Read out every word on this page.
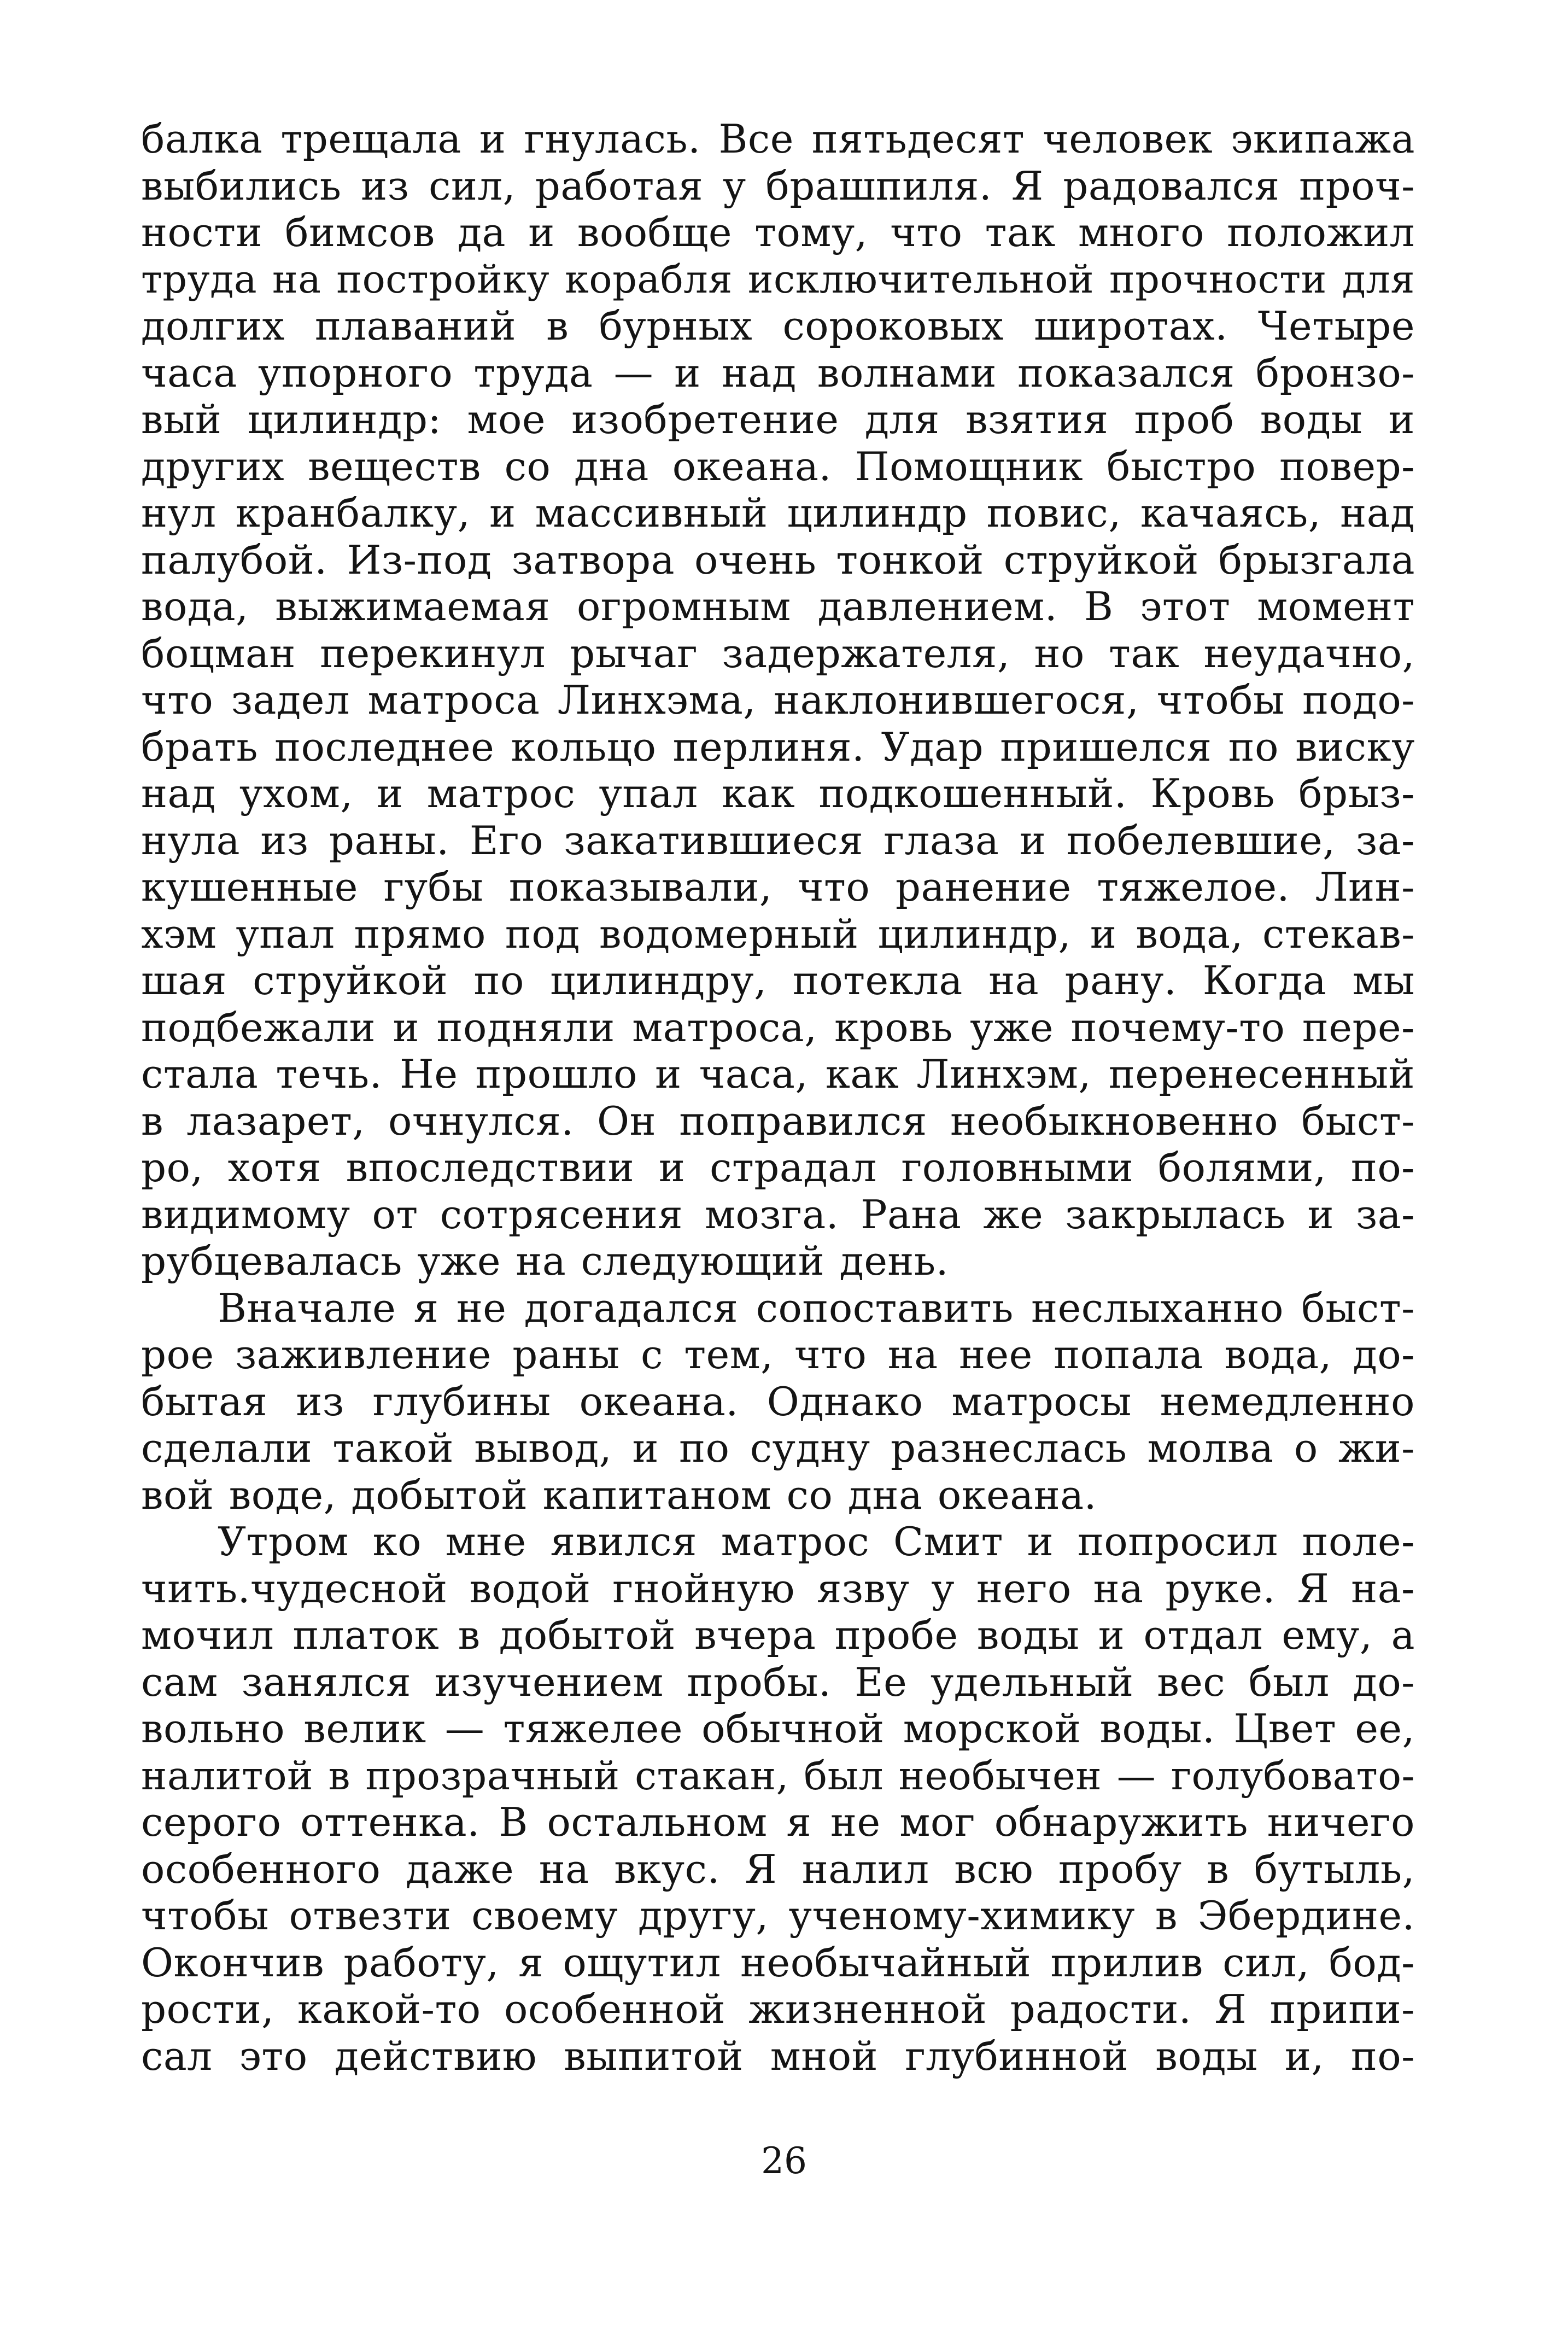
балка трещала и гнулась. Все пятьдесят человек экипажа
выбились из сил, работая у брашпиля. Я радовался проч-
ности бимсов да и вообще тому, что так много положил
труда на постройку корабля исключительной прочности для
долгих плаваний в бурных сороковых широтах. Четыре
часа упорного труда — и над волнами показался бронзо-
вый цилиндр: мое изобретение для взятия проб воды и
других веществ со дна океана. Помощник быстро повер-
нул кранбалку, и массивный цилиндр повис, качаясь, над
палубой. Из-под затвора очень тонкой струйкой брызгала
вода, выжимаемая огромным давлением. В этот момент
боцман перекинул рычаг задержателя, но так неудачно,
что задел матроса Линхэма, наклонившегося, чтобы подо-
брать последнее кольцо перлиня. Удар пришелся по виску
над ухом, и матрос упал как подкошенный. Кровь брыз-
нула из раны. Его закатившиеся глаза и побелевшие, за-
кушенные губы показывали, что ранение тяжелое. Лин-
хэм упал прямо под водомерный цилиндр, и вода, стекав-
шая струйкой по цилиндру, потекла на рану. Когда мы
подбежали и подняли матроса, кровь уже почему-то пере-
стала течь. Не прошло и часа, как Линхэм, перенесенный
в лазарет, очнулся. Он поправился необыкновенно быст-
ро, хотя впоследствии и страдал головными болями, по-
видимому от сотрясения мозга. Рана же закрылась и за-
рубцевалась уже на следующий день.
Вначале я не догадался сопоставить неслыханно быст-
рое заживление раны с тем, что на нее попала вода, до-
бытая из глубины океана. Однако матросы немедленно
сделали такой вывод, и по судну разнеслась молва о жи-
вой воде, добытой капитаном со дна океана.
Утром ко мне явился матрос Смит и попросил поле-
чить.чудесной водой гнойную язву у него на руке. Я на-
мочил платок в добытой вчера пробе воды и отдал ему, а
сам занялся изучением пробы. Ее удельный вес был до-
вольно велик — тяжелее обычной морской воды. Цвет ее,
налитой в прозрачный стакан, был необычен — голубовато-
серого оттенка. В остальном я не мог обнаружить ничего
особенного даже на вкус. Я налил всю пробу в бутыль,
чтобы отвезти своему другу, ученому-химику в Эбердине.
Окончив работу, я ощутил необычайный прилив сил, бод-
рости, какой-то особенной жизненной радости. Я припи-
сал это действию выпитой мной глубинной воды и, по-
26
